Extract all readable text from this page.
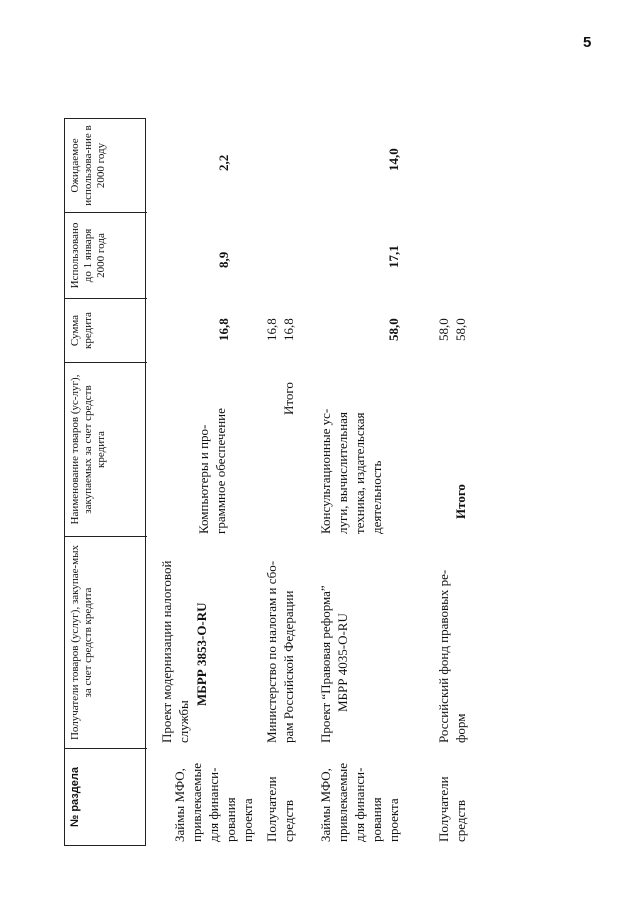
5
№ раздела
Получатели товаров (услуг), закупае-мых за счет средств кредита
Наименование товаров (ус-луг), закупаемых за счет средств кредита
Сумма кредита
Использовано до 1 января 2000 года
Ожидаемое использова-ние в 2000 году
Займы МФО, привлекаемые для финанси- рования проекта
Проект модернизации налоговой службы
МБРР 3853-O-RU
Компьютеры и про- граммное обеспечение
16,8
8,9
2,2
Получатели средств
Министерство по налогам и сбо- рам Российской Федерации
Итого
16,8 16,8
Займы МФО, привлекаемые для финанси- рования проекта
Проект “Правовая реформа” МБРР 4035-O-RU
Консультационные ус- луги, вычислительная техника, издательская деятельность
58,0
17,1
14,0
Получатели средств
Российский фонд правовых ре- форм
Итого
58,0 58,0
